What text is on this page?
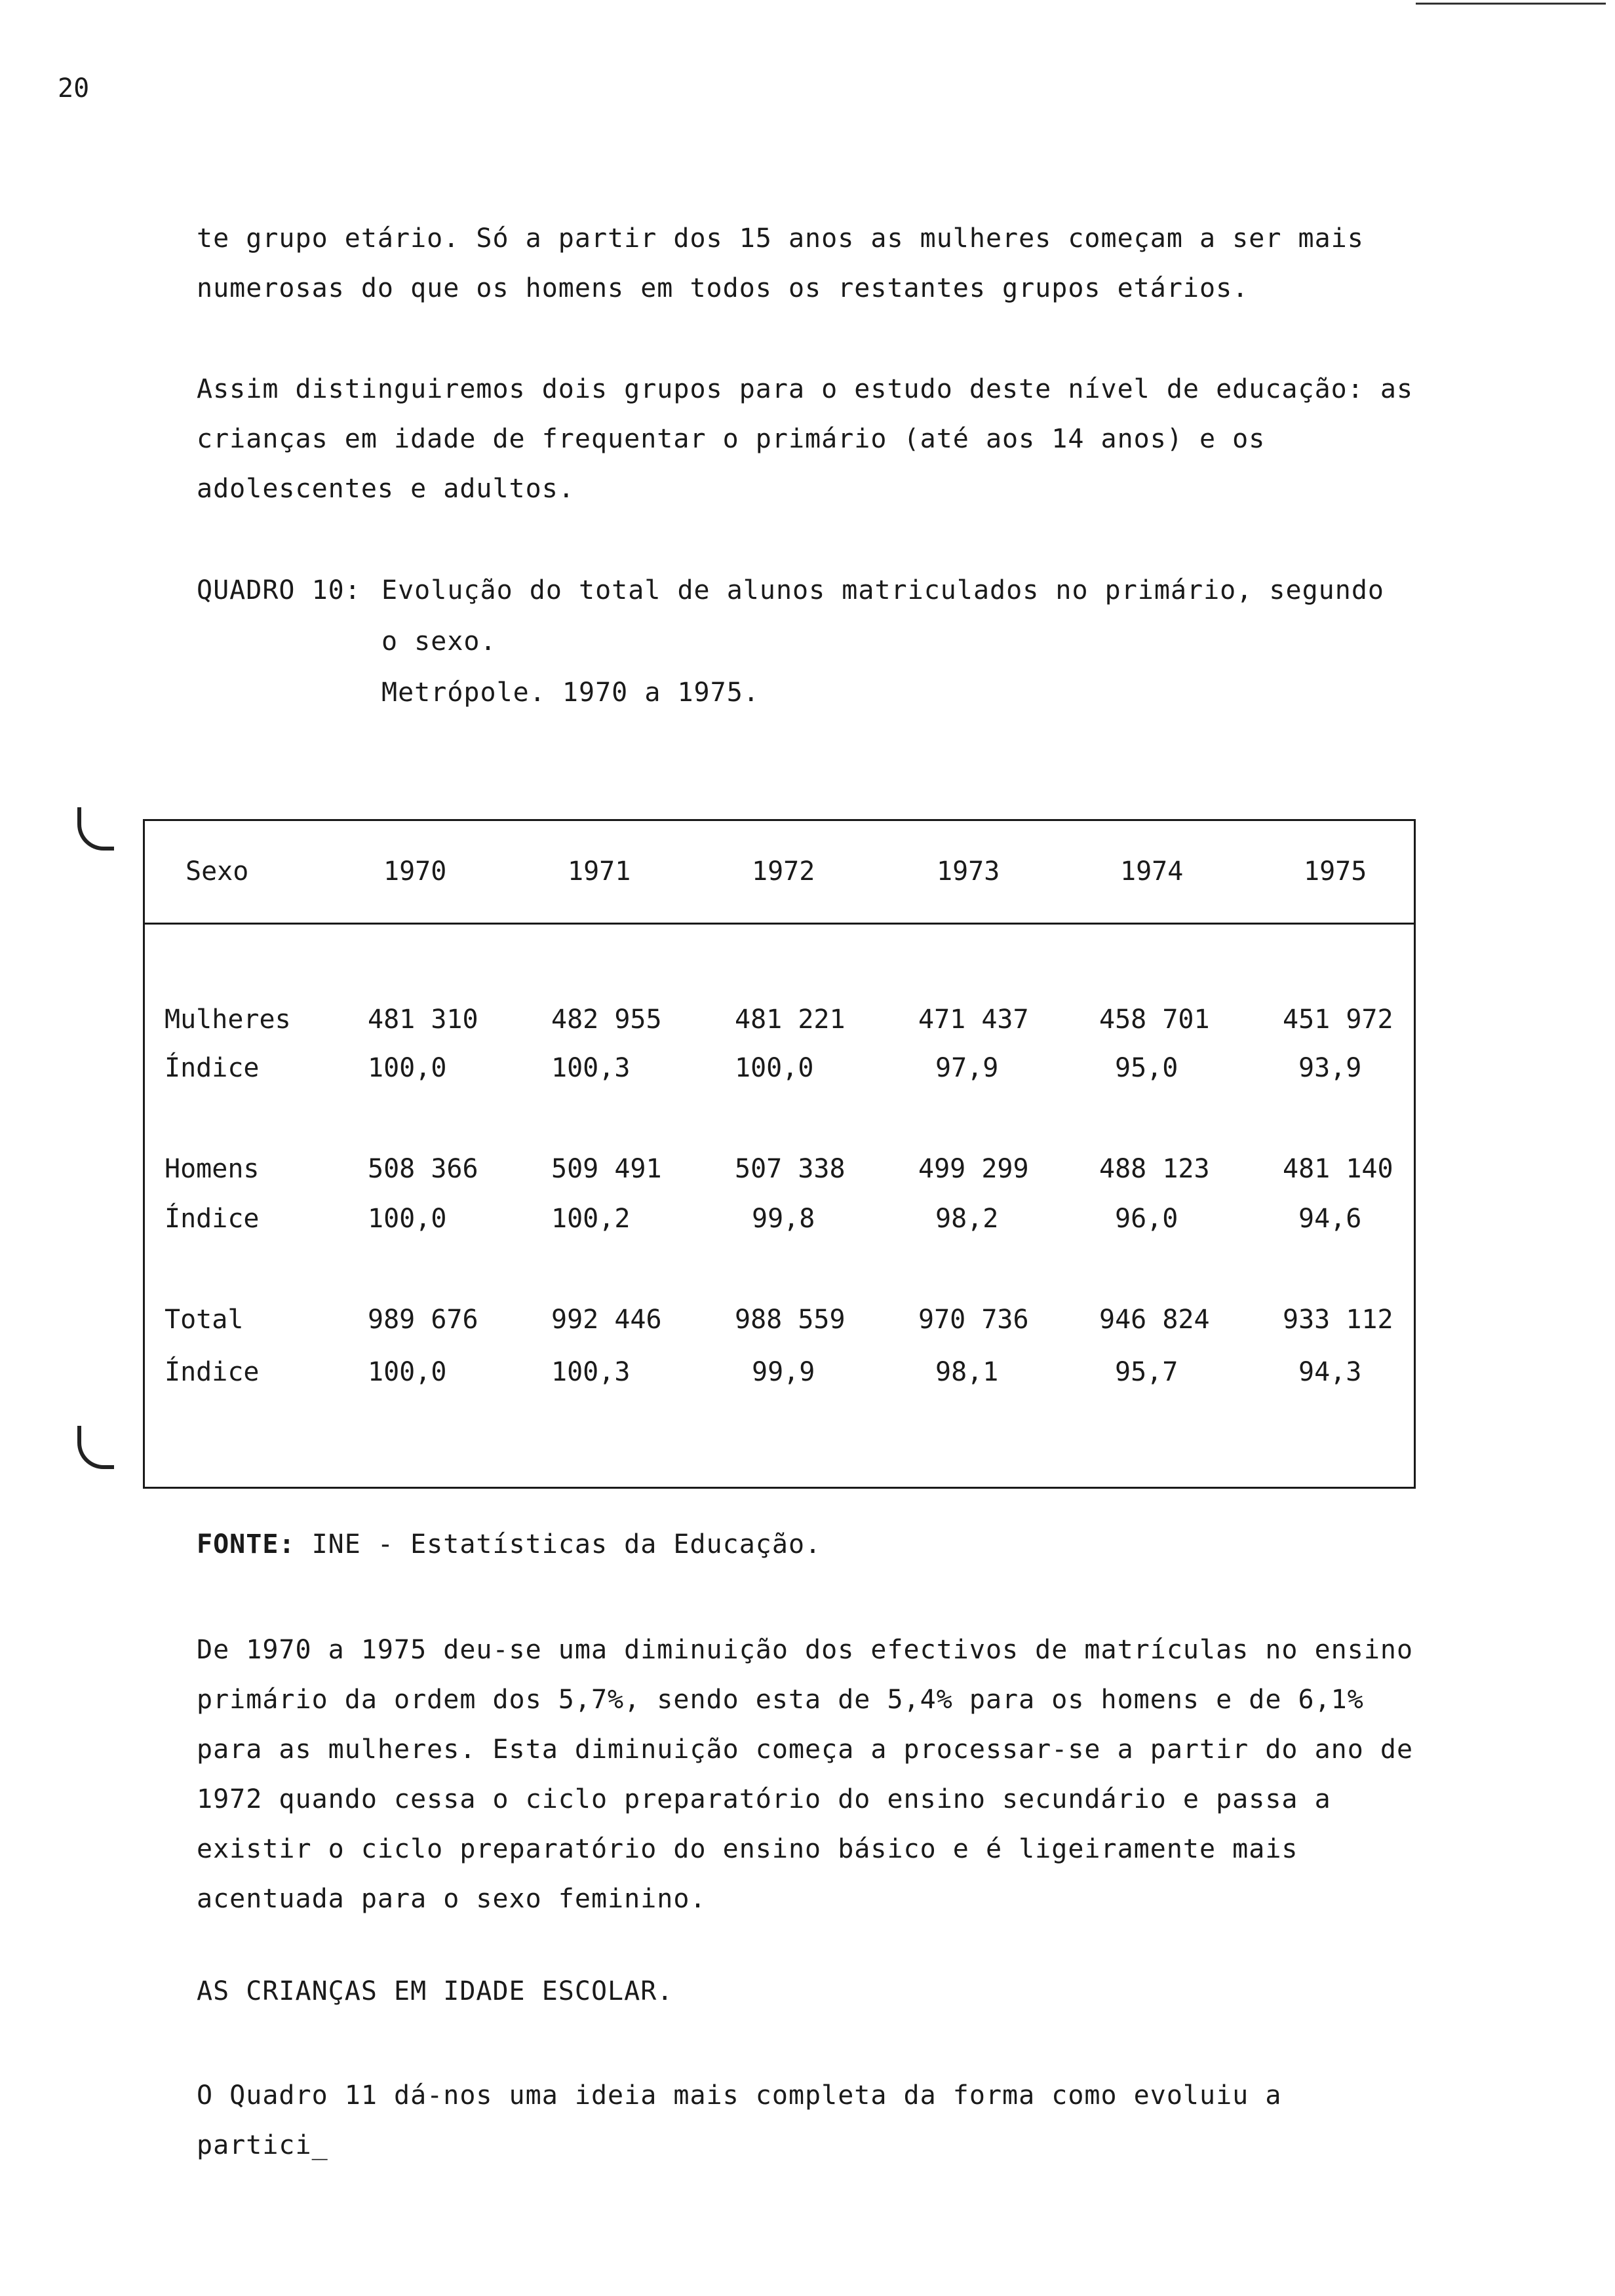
20
te grupo etário. Só a partir dos 15 anos as mulheres começam a ser mais numerosas do que os homens em todos os restantes grupos etários.
Assim distinguiremos dois grupos para o estudo deste nível de educação: as crianças em idade de frequentar o primário (até aos 14 anos) e os adolescentes e adultos.
QUADRO 10: Evolução do total de alunos matriculados no primário, segundo
o sexo.
Metrópole. 1970 a 1975.
Sexo	1970	1971	1972	1973	1974	1975
Mulheres	481 310	482 955	481 221	471 437	458 701	451 972
Índice	100,0	100,3	100,0	97,9	95,0	93,9
Homens	508 366	509 491	507 338	499 299	488 123	481 140
Índice	100,0	100,2	99,8	98,2	96,0	94,6
Total	989 676	992 446	988 559	970 736	946 824	933 112
Índice	100,0	100,3	99,9	98,1	95,7	94,3
FONTE: INE - Estatísticas da Educação.
De 1970 a 1975 deu-se uma diminuição dos efectivos de matrículas no ensino primário da ordem dos 5,7%, sendo esta de 5,4% para os homens e de 6,1% para as mulheres. Esta diminuição começa a processar-se a partir do ano de 1972 quando cessa o ciclo preparatório do ensino secundário e passa a existir o ciclo preparatório do ensino básico e é ligeiramente mais acentuada para o sexo feminino.
AS CRIANÇAS EM IDADE ESCOLAR.
O Quadro 11 dá-nos uma ideia mais completa da forma como evoluiu a partici_
